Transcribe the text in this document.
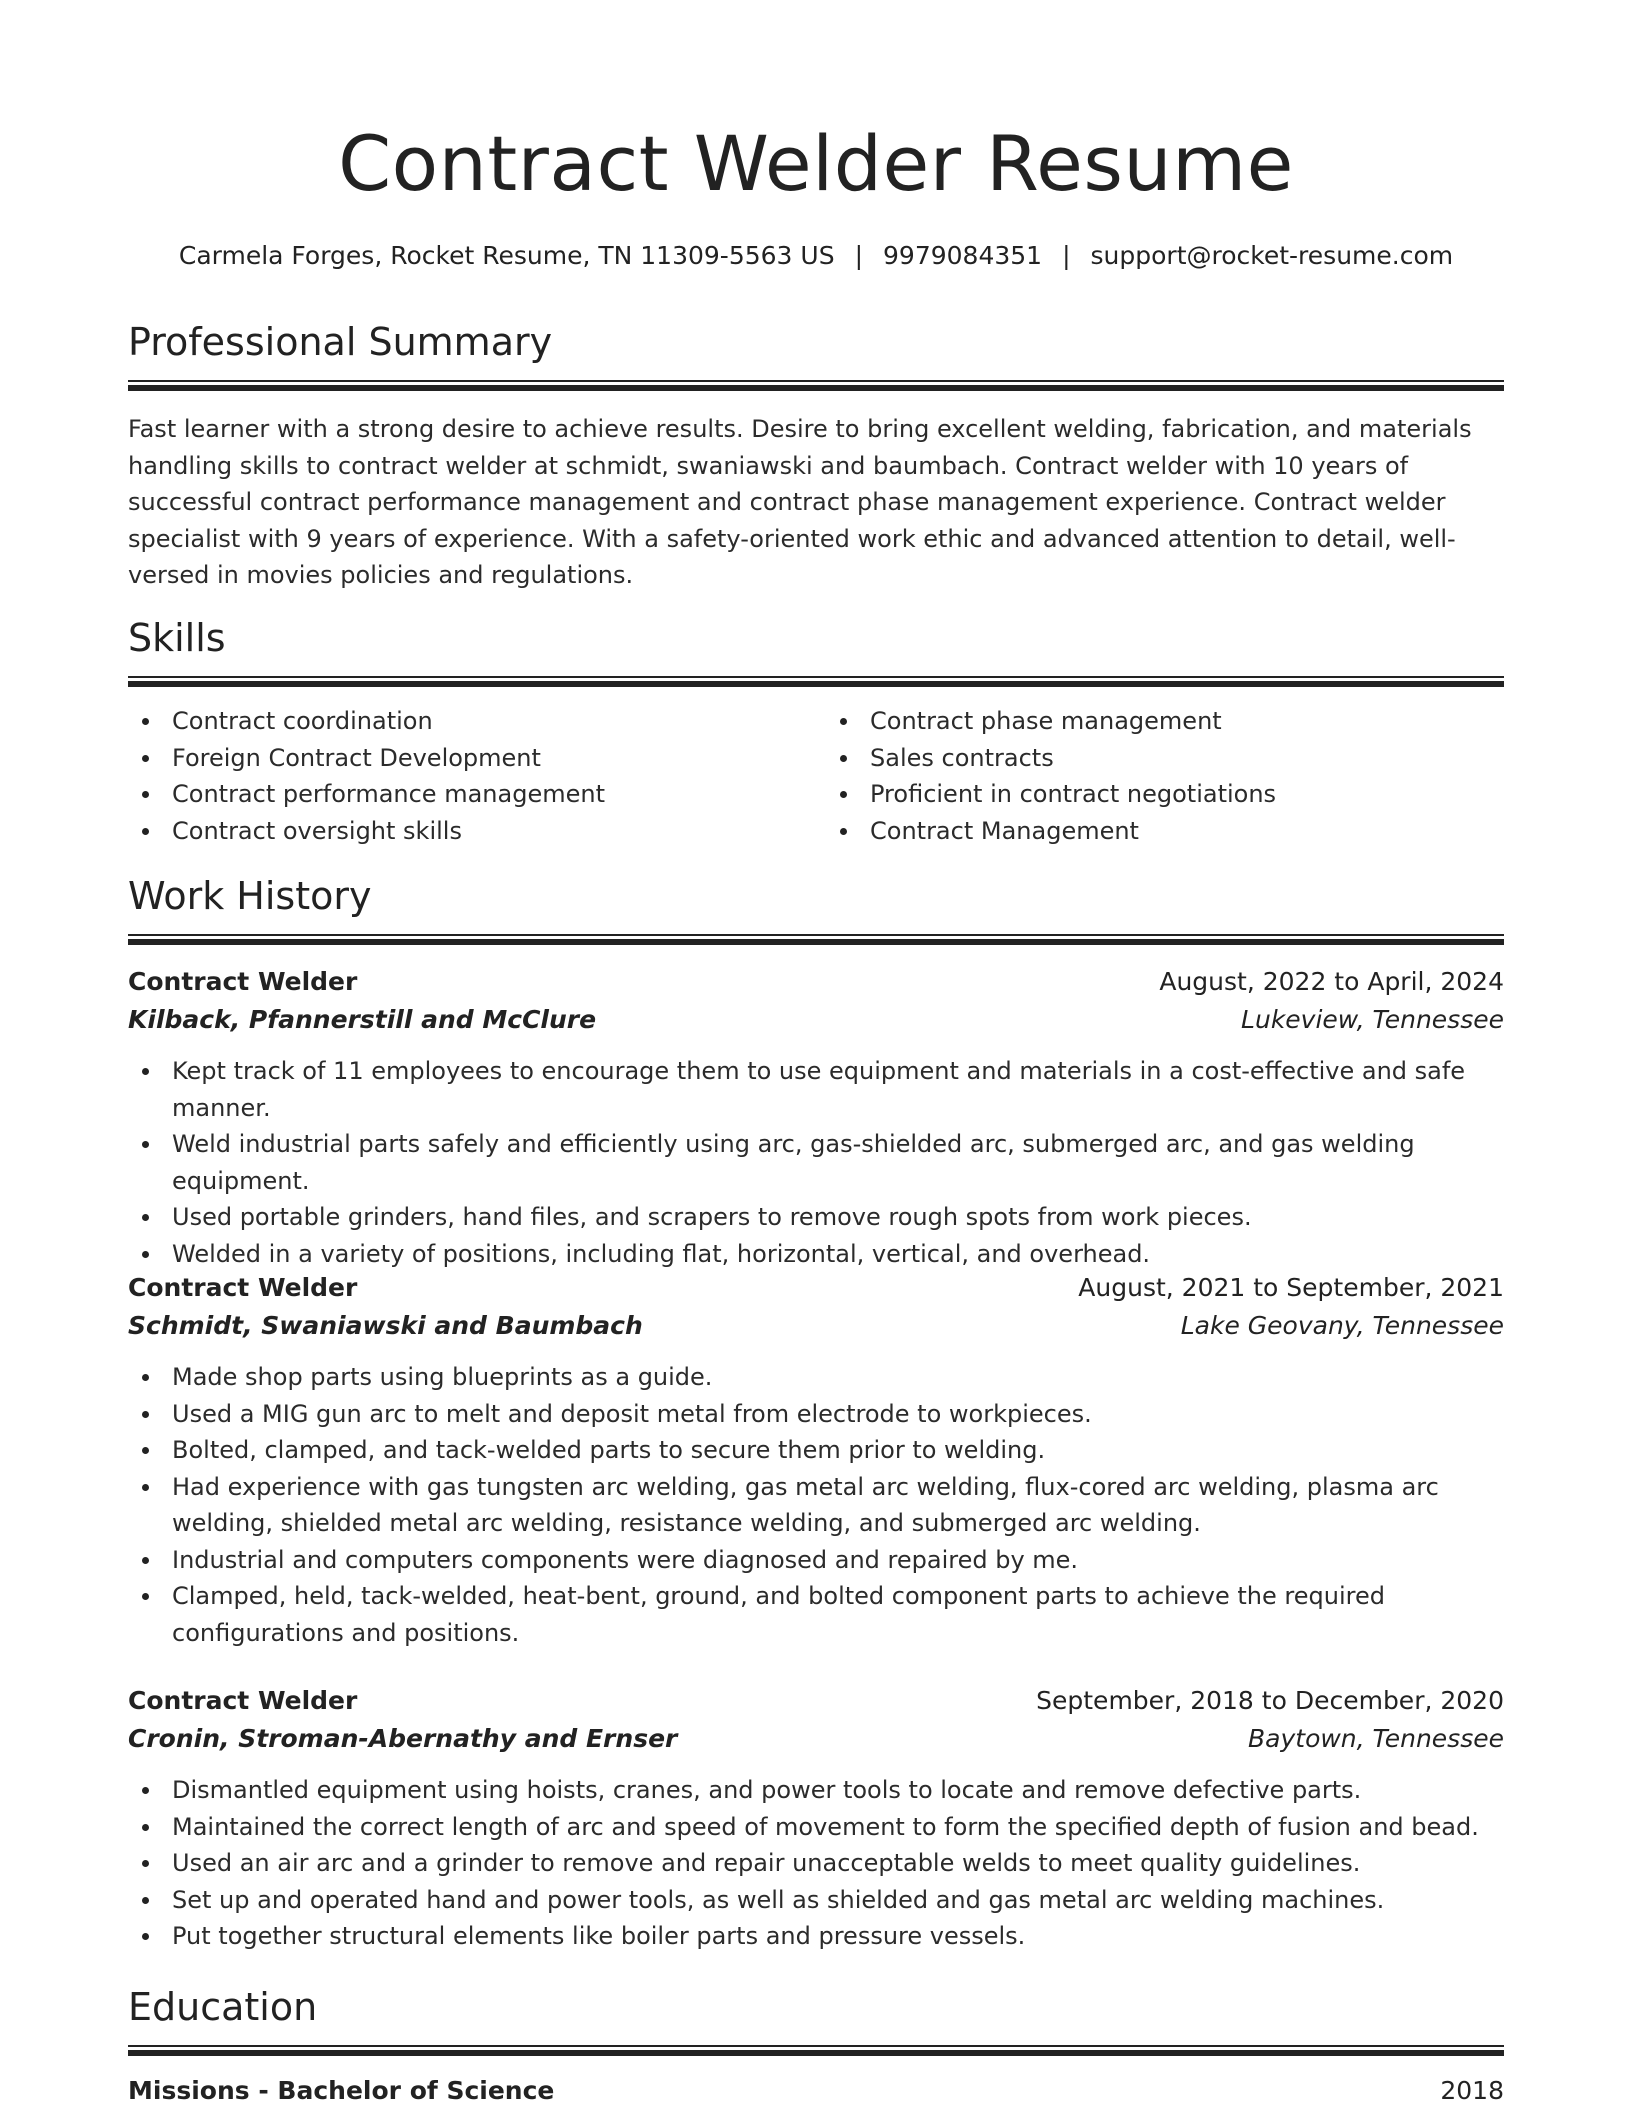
Contract Welder Resume
Carmela Forges, Rocket Resume, TN 11309-5563 US | 9979084351 | support@rocket-resume.com
Professional Summary

Fast learner with a strong desire to achieve results. Desire to bring excellent welding, fabrication, and materials handling skills to contract welder at schmidt, swaniawski and baumbach. Contract welder with 10 years of successful contract performance management and contract phase management experience. Contract welder specialist with 9 years of experience. With a safety-oriented work ethic and advanced attention to detail, well-versed in movies policies and regulations.

Skills
Contract coordination
Foreign Contract Development
Contract performance management
Contract oversight skills
Contract phase management
Sales contracts
Proficient in contract negotiations
Contract Management
Work History
Contract Welder	August, 2022 to April, 2024
Kilback, Pfannerstill and McClure	Lukeview, Tennessee
Kept track of 11 employees to encourage them to use equipment and materials in a cost-effective and safe manner.
Weld industrial parts safely and efficiently using arc, gas-shielded arc, submerged arc, and gas welding equipment.
Used portable grinders, hand files, and scrapers to remove rough spots from work pieces.
Welded in a variety of positions, including flat, horizontal, vertical, and overhead.
Contract Welder	August, 2021 to September, 2021
Schmidt, Swaniawski and Baumbach	Lake Geovany, Tennessee
Made shop parts using blueprints as a guide.
Used a MIG gun arc to melt and deposit metal from electrode to workpieces.
Bolted, clamped, and tack-welded parts to secure them prior to welding.
Had experience with gas tungsten arc welding, gas metal arc welding, flux-cored arc welding, plasma arc welding, shielded metal arc welding, resistance welding, and submerged arc welding.
Industrial and computers components were diagnosed and repaired by me.
Clamped, held, tack-welded, heat-bent, ground, and bolted component parts to achieve the required configurations and positions.
Contract Welder	September, 2018 to December, 2020
Cronin, Stroman-Abernathy and Ernser	Baytown, Tennessee
Dismantled equipment using hoists, cranes, and power tools to locate and remove defective parts.
Maintained the correct length of arc and speed of movement to form the specified depth of fusion and bead.
Used an air arc and a grinder to remove and repair unacceptable welds to meet quality guidelines.
Set up and operated hand and power tools, as well as shielded and gas metal arc welding machines.
Put together structural elements like boiler parts and pressure vessels.
Education
Missions - Bachelor of Science	2018
